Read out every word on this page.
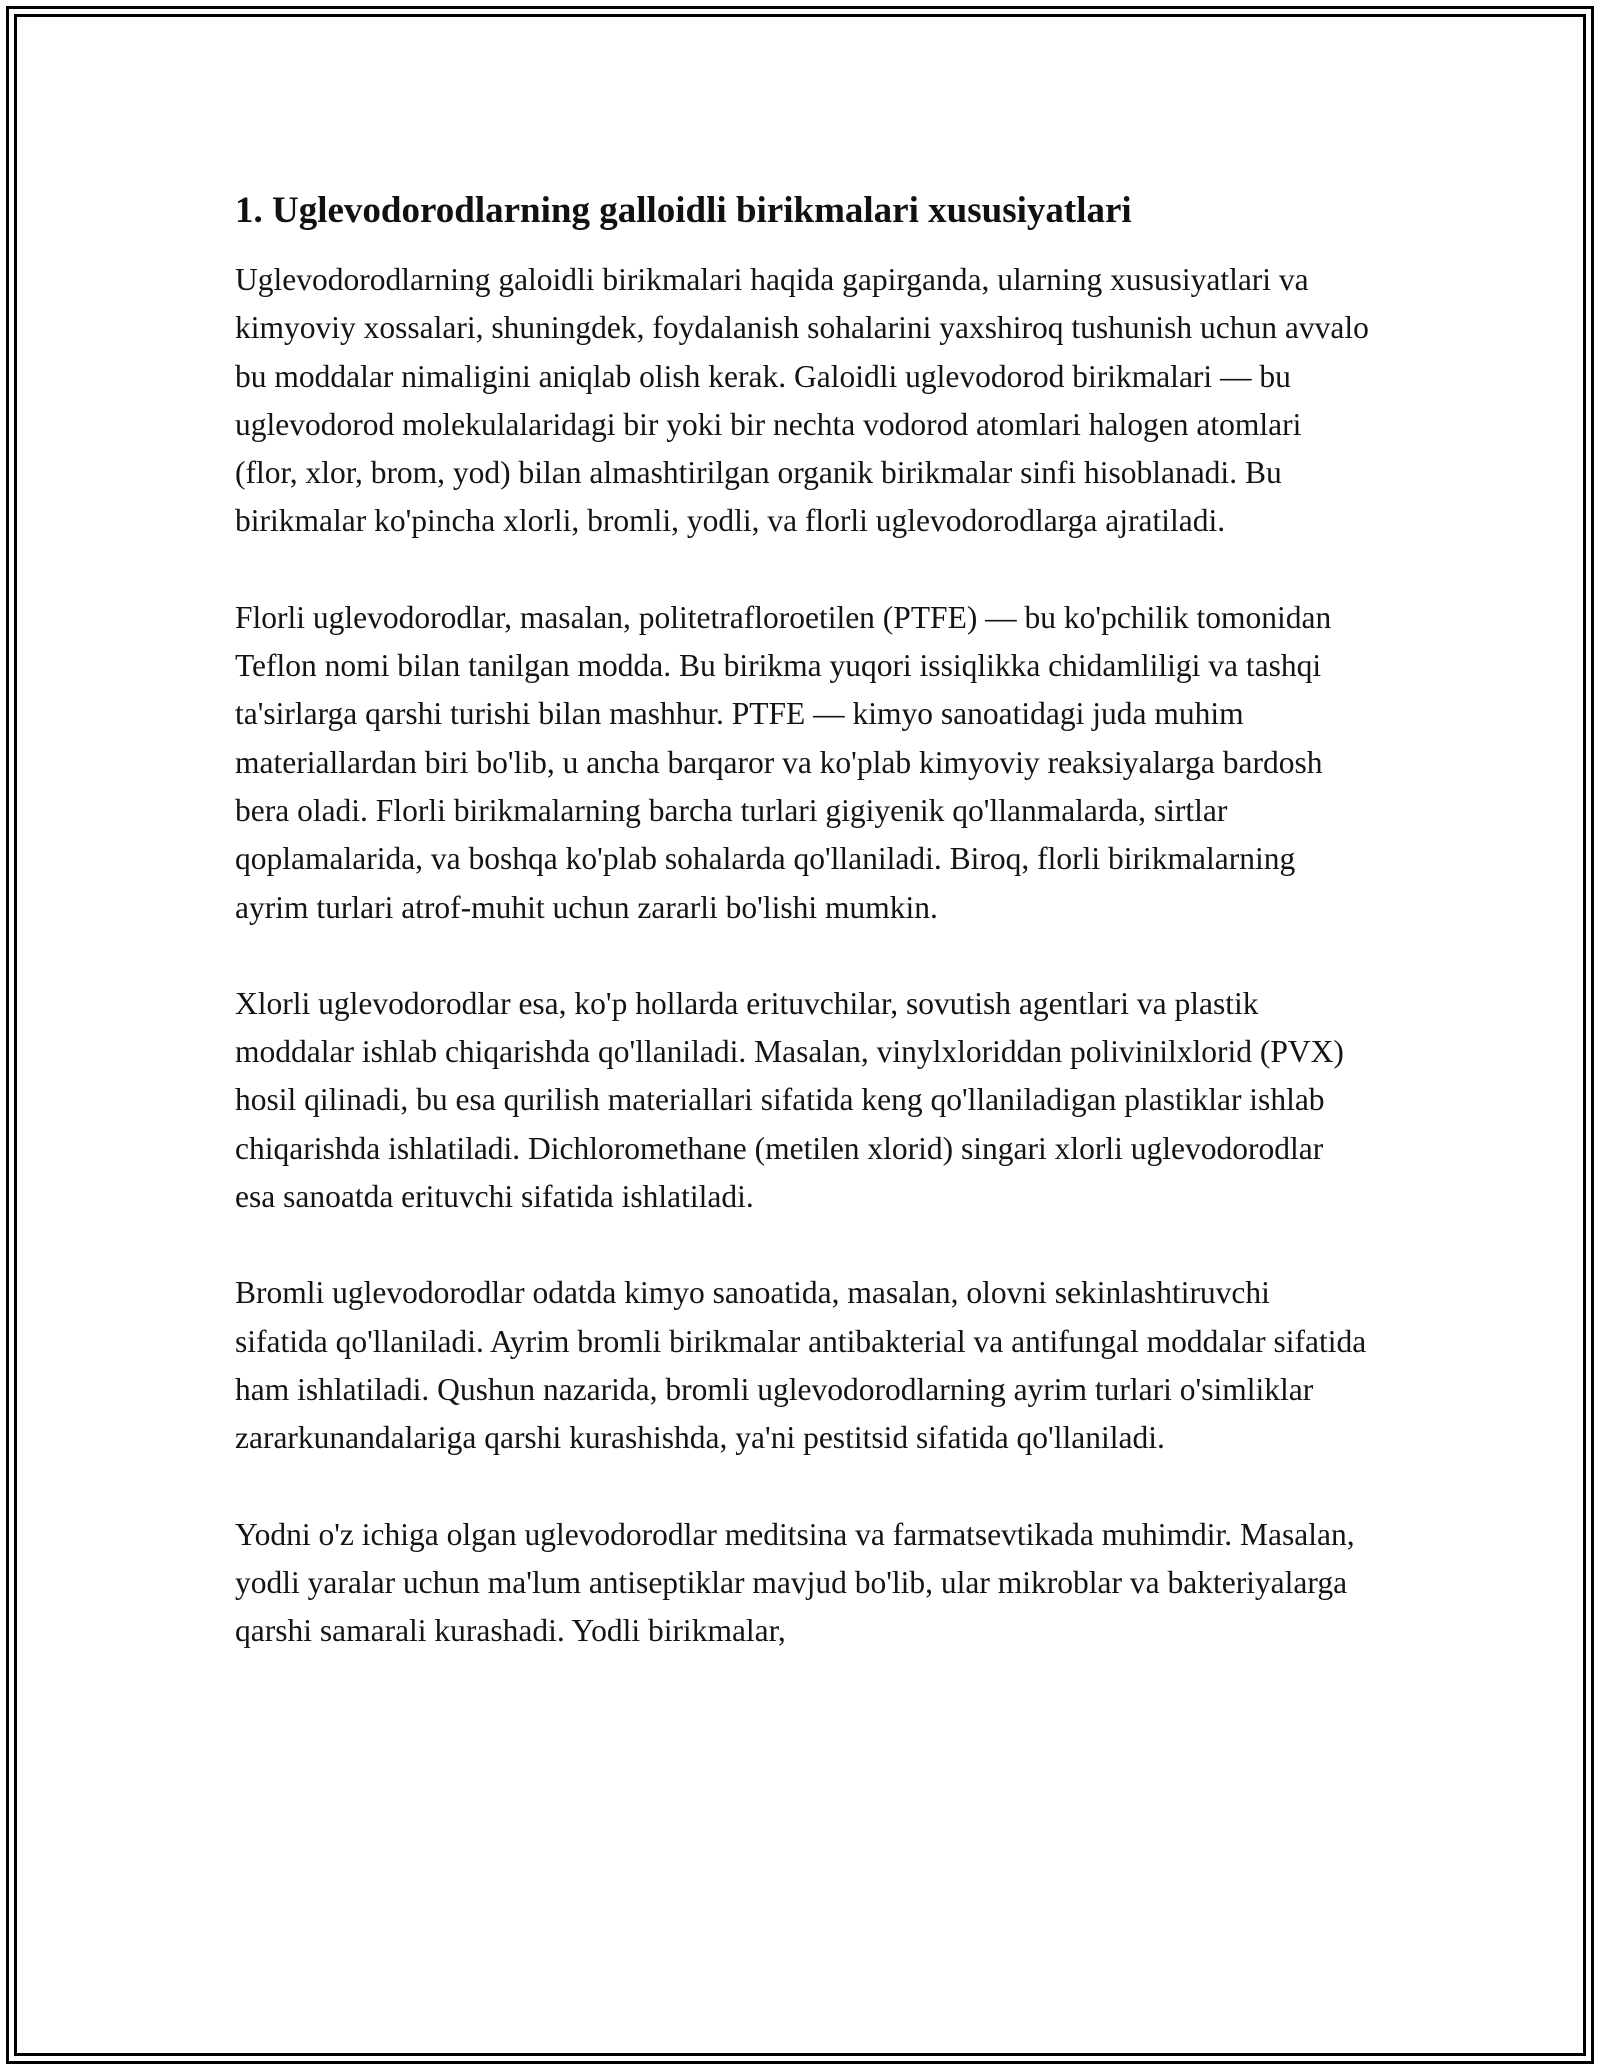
1. Uglevodorodlarning galloidli birikmalari xususiyatlari

Uglevodorodlarning galoidli birikmalari haqida gapirganda, ularning xususiyatlari va kimyoviy xossalari, shuningdek, foydalanish sohalarini yaxshiroq tushunish uchun avvalo bu moddalar nimaligini aniqlab olish kerak. Galoidli uglevodorod birikmalari — bu uglevodorod molekulalaridagi bir yoki bir nechta vodorod atomlari halogen atomlari (flor, xlor, brom, yod) bilan almashtirilgan organik birikmalar sinfi hisoblanadi. Bu birikmalar ko'pincha xlorli, bromli, yodli, va florli uglevodorodlarga ajratiladi.

Florli uglevodorodlar, masalan, politetrafloroetilen (PTFE) — bu ko'pchilik tomonidan Teflon nomi bilan tanilgan modda. Bu birikma yuqori issiqlikka chidamliligi va tashqi ta'sirlarga qarshi turishi bilan mashhur. PTFE — kimyo sanoatidagi juda muhim materiallardan biri bo'lib, u ancha barqaror va ko'plab kimyoviy reaksiyalarga bardosh bera oladi. Florli birikmalarning barcha turlari gigiyenik qo'llanmalarda, sirtlar qoplamalarida, va boshqa ko'plab sohalarda qo'llaniladi. Biroq, florli birikmalarning ayrim turlari atrof-muhit uchun zararli bo'lishi mumkin.

Xlorli uglevodorodlar esa, ko'p hollarda erituvchilar, sovutish agentlari va plastik moddalar ishlab chiqarishda qo'llaniladi. Masalan, vinylxloriddan polivinilxlorid (PVX) hosil qilinadi, bu esa qurilish materiallari sifatida keng qo'llaniladigan plastiklar ishlab chiqarishda ishlatiladi. Dichloromethane (metilen xlorid) singari xlorli uglevodorodlar esa sanoatda erituvchi sifatida ishlatiladi.

Bromli uglevodorodlar odatda kimyo sanoatida, masalan, olovni sekinlashtiruvchi sifatida qo'llaniladi. Ayrim bromli birikmalar antibakterial va antifungal moddalar sifatida ham ishlatiladi. Qushun nazarida, bromli uglevodorodlarning ayrim turlari o'simliklar zararkunandalariga qarshi kurashishda, ya'ni pestitsid sifatida qo'llaniladi.

Yodni o'z ichiga olgan uglevodorodlar meditsina va farmatsevtikada muhimdir. Masalan, yodli yaralar uchun ma'lum antiseptiklar mavjud bo'lib, ular mikroblar va bakteriyalarga qarshi samarali kurashadi. Yodli birikmalar,
